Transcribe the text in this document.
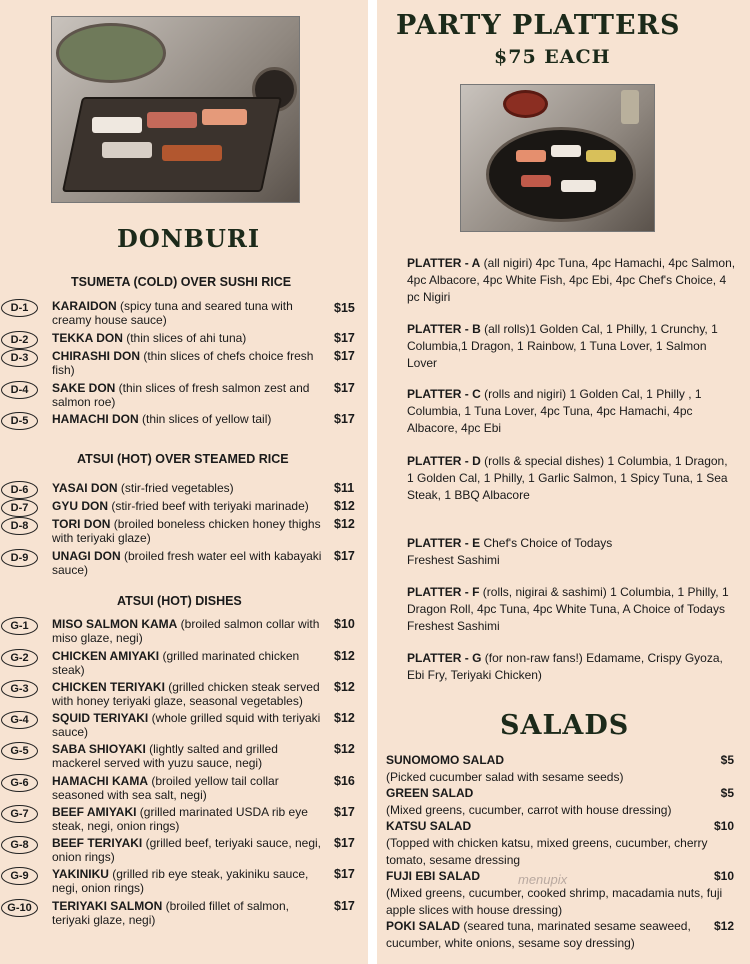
DONBURI
TSUMETA (COLD) OVER SUSHI RICE
D-1	KARAIDON (spicy tuna and seared tuna with creamy house sauce)
$15
D-2	TEKKA DON (thin slices of ahi tuna)	$17
D-3	CHIRASHI DON (thin slices of chefs choice fresh fish)
$17
D-4	SAKE DON (thin slices of fresh salmon zest and salmon roe)
$17
D-5	HAMACHI DON (thin slices of yellow tail)	$17
ATSUI (HOT) OVER STEAMED RICE
D-6	YASAI DON (stir-fried vegetables)	$11
D-7	GYU DON (stir-fried beef with teriyaki marinade)	$12
D-8	TORI DON (broiled boneless chicken honey thighs with teriyaki glaze)
$12
D-9	UNAGI DON (broiled fresh water eel with kabayaki sauce)
$17
ATSUI (HOT) DISHES
G-1	MISO SALMON KAMA (broiled salmon collar with miso glaze, negi)
$10
G-2	CHICKEN AMIYAKI (grilled marinated chicken steak)
$12
G-3	CHICKEN TERIYAKI (grilled chicken steak served with honey teriyaki glaze, seasonal vegetables)
$12
G-4	SQUID TERIYAKI (whole grilled squid with teriyaki sauce)
$12
G-5	SABA SHIOYAKI (lightly salted and grilled mackerel served with yuzu sauce, negi)
$12
G-6	HAMACHI KAMA (broiled yellow tail collar seasoned with sea salt, negi)
$16
G-7	BEEF AMIYAKI (grilled marinated USDA rib eye steak, negi, onion rings)
$17
G-8	BEEF TERIYAKI (grilled beef, teriyaki sauce, negi, onion rings)
$17
G-9	YAKINIKU (grilled rib eye steak, yakiniku sauce, negi, onion rings)
$17
G-10	TERIYAKI SALMON (broiled fillet of salmon, teriyaki glaze, negi)
$17
PARTY PLATTERS
$75 EACH
PLATTER - A (all nigiri) 4pc Tuna, 4pc Hamachi, 4pc Salmon, 4pc Albacore, 4pc White Fish, 4pc Ebi, 4pc Chef's Choice, 4 pc Nigiri
PLATTER - B (all rolls)1 Golden Cal, 1 Philly, 1 Crunchy, 1 Columbia,1 Dragon, 1 Rainbow, 1 Tuna Lover, 1 Salmon Lover
PLATTER - C (rolls and nigiri) 1 Golden Cal, 1 Philly , 1 Columbia, 1 Tuna Lover, 4pc Tuna, 4pc Hamachi, 4pc Albacore, 4pc Ebi
PLATTER - D (rolls & special dishes) 1 Columbia, 1 Dragon, 1 Golden Cal, 1 Philly, 1 Garlic Salmon, 1 Spicy Tuna, 1 Sea Steak, 1 BBQ Albacore
PLATTER - E Chef's Choice of Todays Freshest Sashimi
PLATTER - F (rolls, nigirai & sashimi) 1 Columbia, 1 Philly, 1 Dragon Roll, 4pc Tuna, 4pc White Tuna, A Choice of Todays Freshest Sashimi
PLATTER - G (for non-raw fans!) Edamame, Crispy Gyoza, Ebi Fry, Teriyaki Chicken)
SALADS
SUNOMOMO SALAD
(Picked cucumber salad with sesame seeds)
$5
GREEN SALAD
(Mixed greens, cucumber, carrot with house dressing)
$5
KATSU SALAD
(Topped with chicken katsu, mixed greens, cucumber, cherry tomato, sesame dressing
$10
FUJI EBI SALAD
(Mixed greens, cucumber, cooked shrimp, macadamia nuts, fuji apple slices with house dressing)
$10
POKI SALAD (seared tuna, marinated sesame seaweed, cucumber, white onions, sesame soy dressing)
$12
menupix
